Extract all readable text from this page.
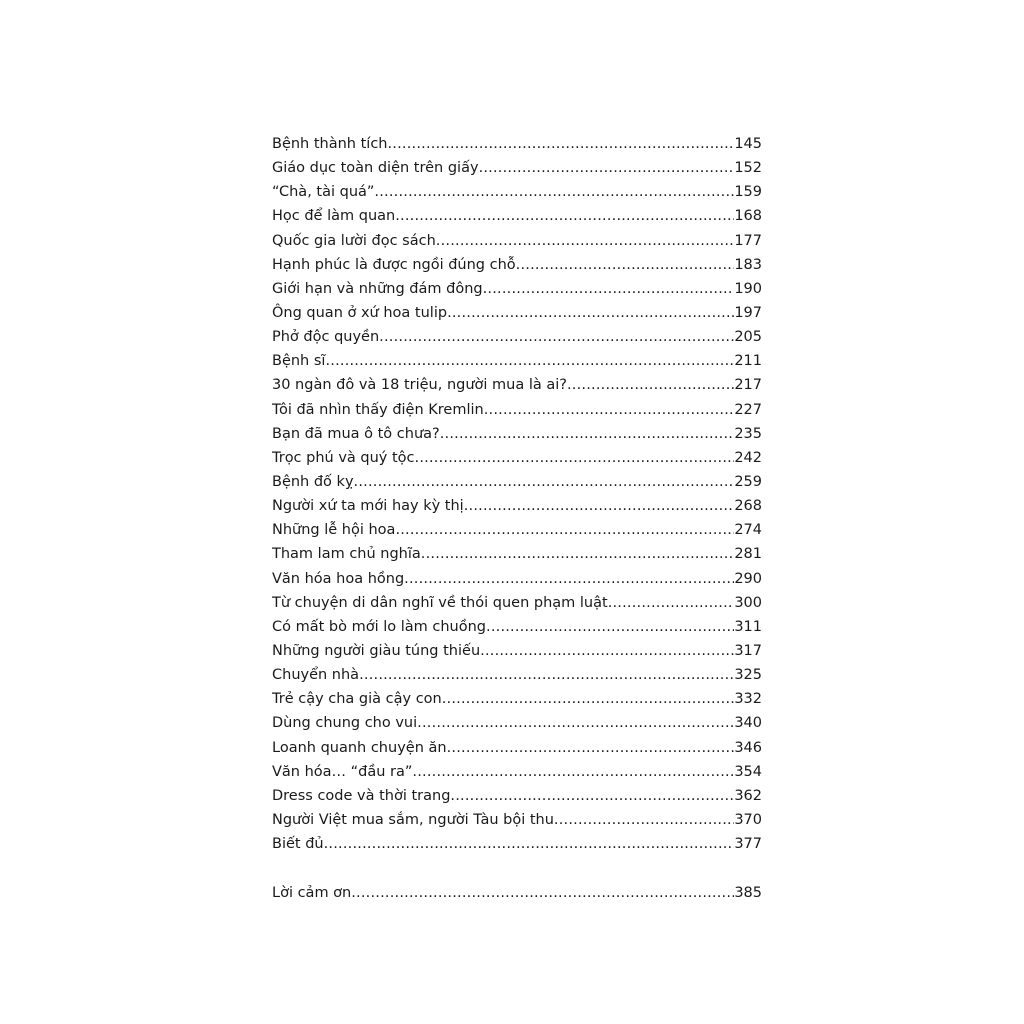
Bệnh thành tích .....	145
Giáo dục toàn diện trên giấy .....	152
“Chà, tài quá” .....	159
Học để làm quan .....	168
Quốc gia lười đọc sách .....	177
Hạnh phúc là được ngồi đúng chỗ .....	183
Giới hạn và những đám đông .....	190
Ông quan ở xứ hoa tulip .....	197
Phở độc quyền .....	205
Bệnh sĩ .....	211
30 ngàn đô và 18 triệu, người mua là ai? .....	217
Tôi đã nhìn thấy điện Kremlin .....	227
Bạn đã mua ô tô chưa? .....	235
Trọc phú và quý tộc .....	242
Bệnh đố kỵ .....	259
Người xứ ta mới hay kỳ thị .....	268
Những lễ hội hoa .....	274
Tham lam chủ nghĩa .....	281
Văn hóa hoa hồng .....	290
Từ chuyện di dân nghĩ về thói quen phạm luật .....	300
Có mất bò mới lo làm chuồng .....	311
Những người giàu túng thiếu .....	317
Chuyển nhà .....	325
Trẻ cậy cha già cậy con .....	332
Dùng chung cho vui .....	340
Loanh quanh chuyện ăn .....	346
Văn hóa… “đầu ra” .....	354
Dress code và thời trang .....	362
Người Việt mua sắm, người Tàu bội thu .....	370
Biết đủ .....	377
Lời cảm ơn .....	385
